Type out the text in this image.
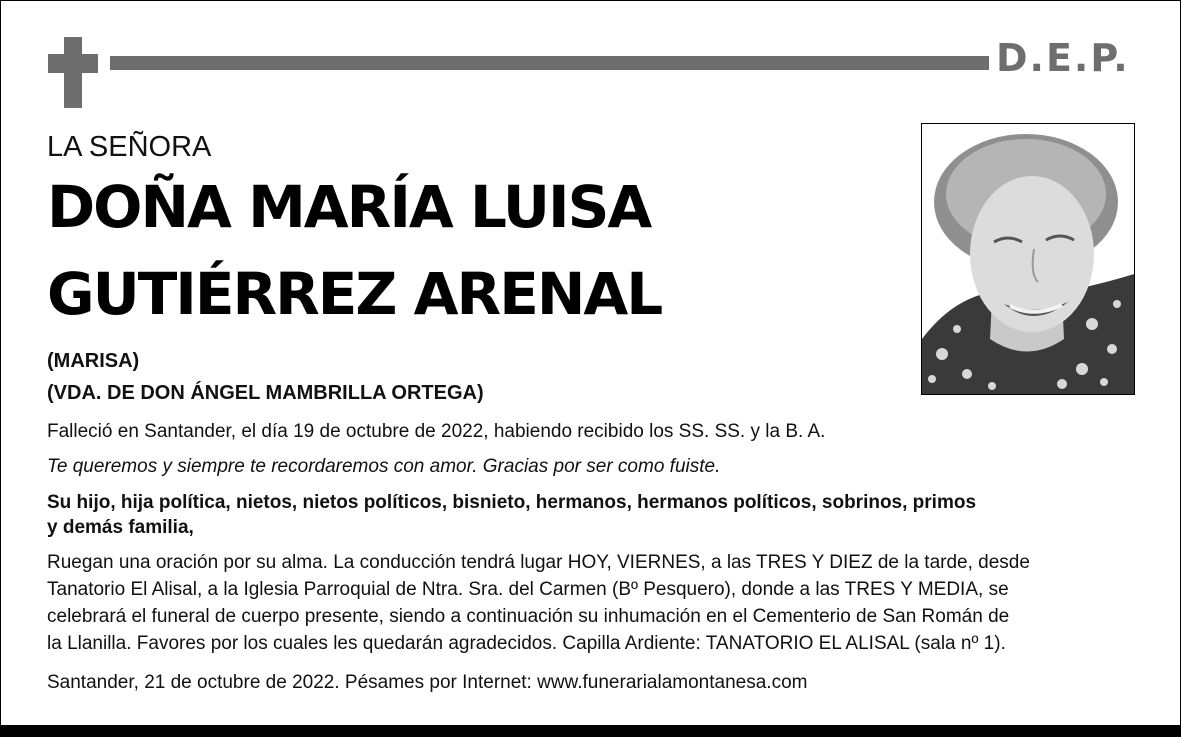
D.E.P.
LA SEÑORA
DOÑA MARÍA LUISA
GUTIÉRREZ ARENAL
(MARISA)
(VDA. DE DON ÁNGEL MAMBRILLA ORTEGA)
Falleció en Santander, el día 19 de octubre de 2022, habiendo recibido los SS. SS. y la B. A.
Te queremos y siempre te recordaremos con amor. Gracias por ser como fuiste.
Su hijo, hija política, nietos, nietos políticos, bisnieto, hermanos, hermanos políticos, sobrinos, primos
y demás familia,
Ruegan una oración por su alma. La conducción tendrá lugar HOY, VIERNES, a las TRES Y DIEZ de la tarde, desde
Tanatorio El Alisal, a la Iglesia Parroquial de Ntra. Sra. del Carmen (Bº Pesquero), donde a las TRES Y MEDIA, se
celebrará el funeral de cuerpo presente, siendo a continuación su inhumación en el Cementerio de San Román de
la Llanilla. Favores por los cuales les quedarán agradecidos. Capilla Ardiente: TANATORIO EL ALISAL (sala nº 1).
Santander, 21 de octubre de 2022. Pésames por Internet: www.funerarialamontanesa.com
